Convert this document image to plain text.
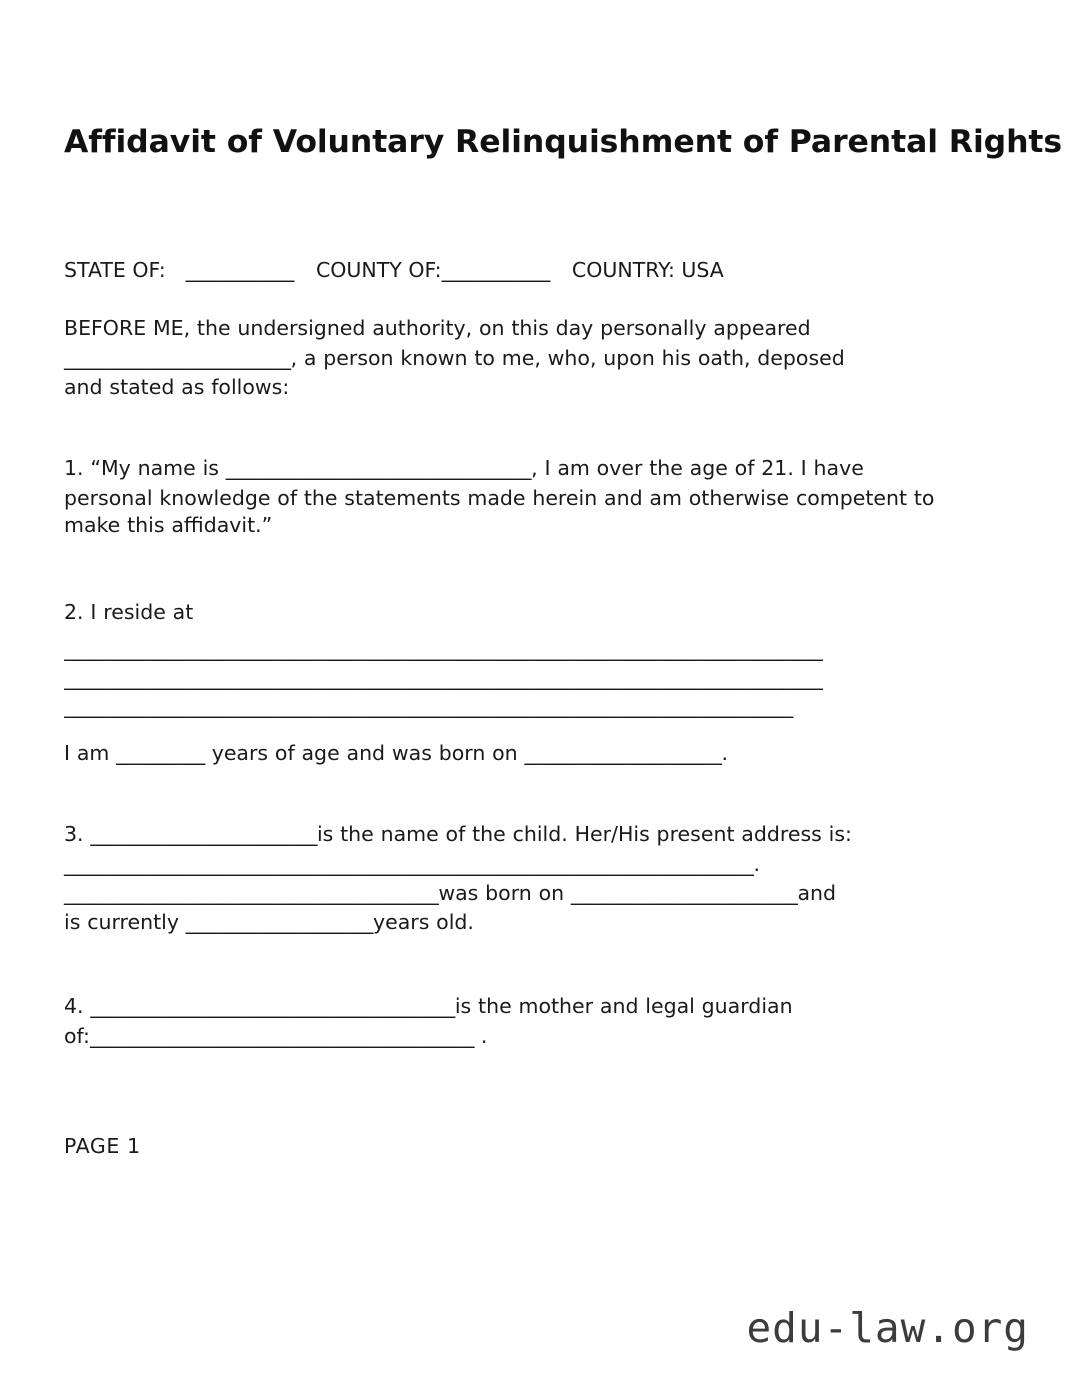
Affidavit of Voluntary Relinquishment of Parental Rights
STATE OF: ___________ COUNTY OF:___________ COUNTRY: USA
BEFORE ME, the undersigned authority, on this day personally appeared
_______________________, a person known to me, who, upon his oath, deposed
and stated as follows:
1. “My name is _______________________________, I am over the age of 21. I have
personal knowledge of the statements made herein and am otherwise competent to
make this affidavit.”
2. I reside at
_____________________________________________________________________________
_____________________________________________________________________________
__________________________________________________________________________
I am _________ years of age and was born on ____________________.
3. _______________________is the name of the child. Her/His present address is:
______________________________________________________________________.
______________________________________was born on _______________________and
is currently ___________________years old.
4. _____________________________________is the mother and legal guardian
of:_______________________________________ .
PAGE 1
edu-law.org
